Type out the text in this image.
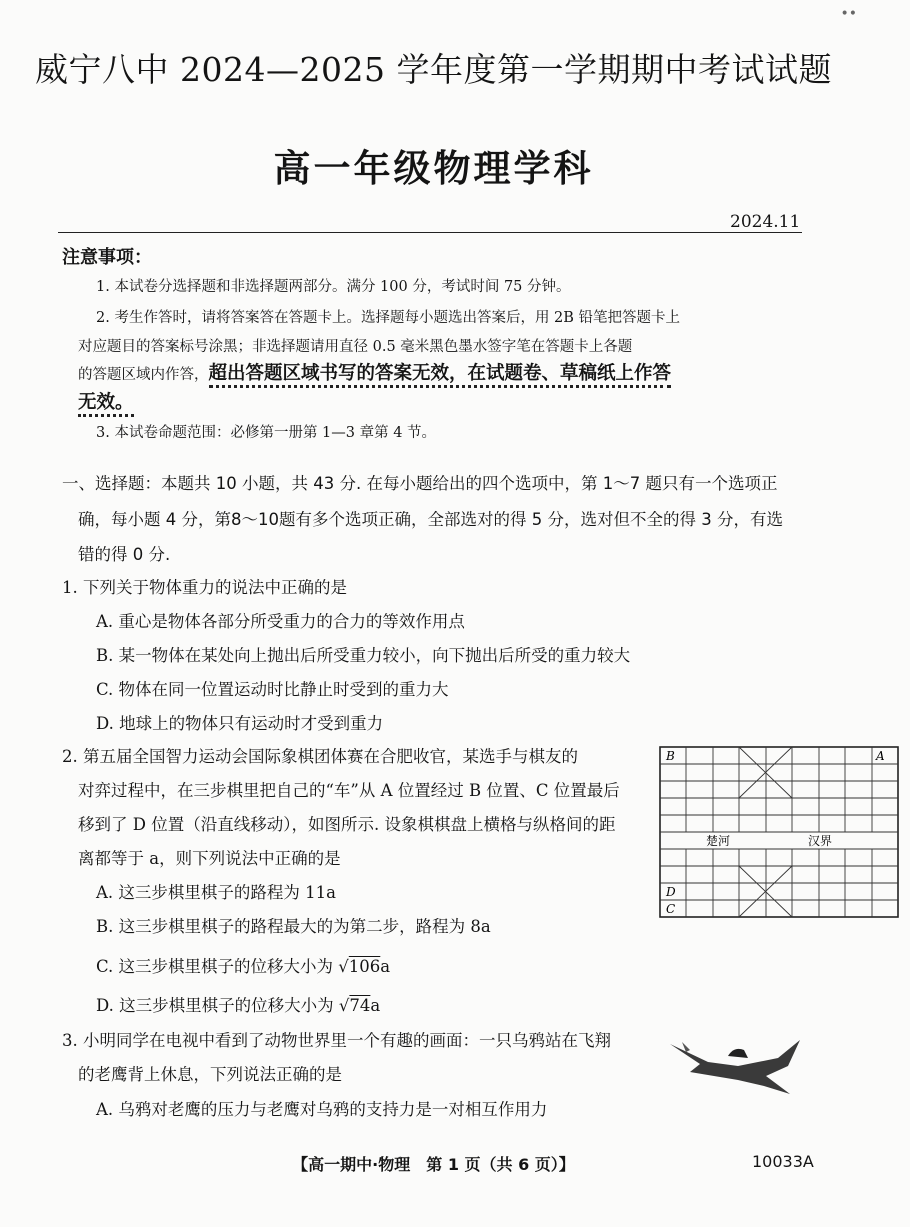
••
威宁八中 2024—2025 学年度第一学期期中考试试题
高一年级物理学科
2024.11
注意事项：
1. 本试卷分选择题和非选择题两部分。满分 100 分，考试时间 75 分钟。
2. 考生作答时，请将答案答在答题卡上。选择题每小题选出答案后，用 2B 铅笔把答题卡上
对应题目的答案标号涂黑；非选择题请用直径 0.5 毫米黑色墨水签字笔在答题卡上各题
的答题区域内作答，超出答题区域书写的答案无效，在试题卷、草稿纸上作答
无效。
3. 本试卷命题范围：必修第一册第 1—3 章第 4 节。
一、选择题：本题共 10 小题，共 43 分. 在每小题给出的四个选项中，第 1～7 题只有一个选项正
确，每小题 4 分，第8～10题有多个选项正确，全部选对的得 5 分，选对但不全的得 3 分，有选
错的得 0 分.
1. 下列关于物体重力的说法中正确的是
A. 重心是物体各部分所受重力的合力的等效作用点
B. 某一物体在某处向上抛出后所受重力较小，向下抛出后所受的重力较大
C. 物体在同一位置运动时比静止时受到的重力大
D. 地球上的物体只有运动时才受到重力
2. 第五届全国智力运动会国际象棋团体赛在合肥收官，某选手与棋友的
对弈过程中，在三步棋里把自己的“车”从 A 位置经过 B 位置、C 位置最后
移到了 D 位置（沿直线移动），如图所示. 设象棋棋盘上横格与纵格间的距
离都等于 a，则下列说法中正确的是
A. 这三步棋里棋子的路程为 11a
B. 这三步棋里棋子的路程最大的为第二步，路程为 8a
C. 这三步棋里棋子的位移大小为 √106a
D. 这三步棋里棋子的位移大小为 √74a
B	A
D
C
楚河	汉界
3. 小明同学在电视中看到了动物世界里一个有趣的画面：一只乌鸦站在飞翔
的老鹰背上休息，下列说法正确的是
A. 乌鸦对老鹰的压力与老鹰对乌鸦的支持力是一对相互作用力
【高一期中·物理　第 1 页（共 6 页）】	10033A
